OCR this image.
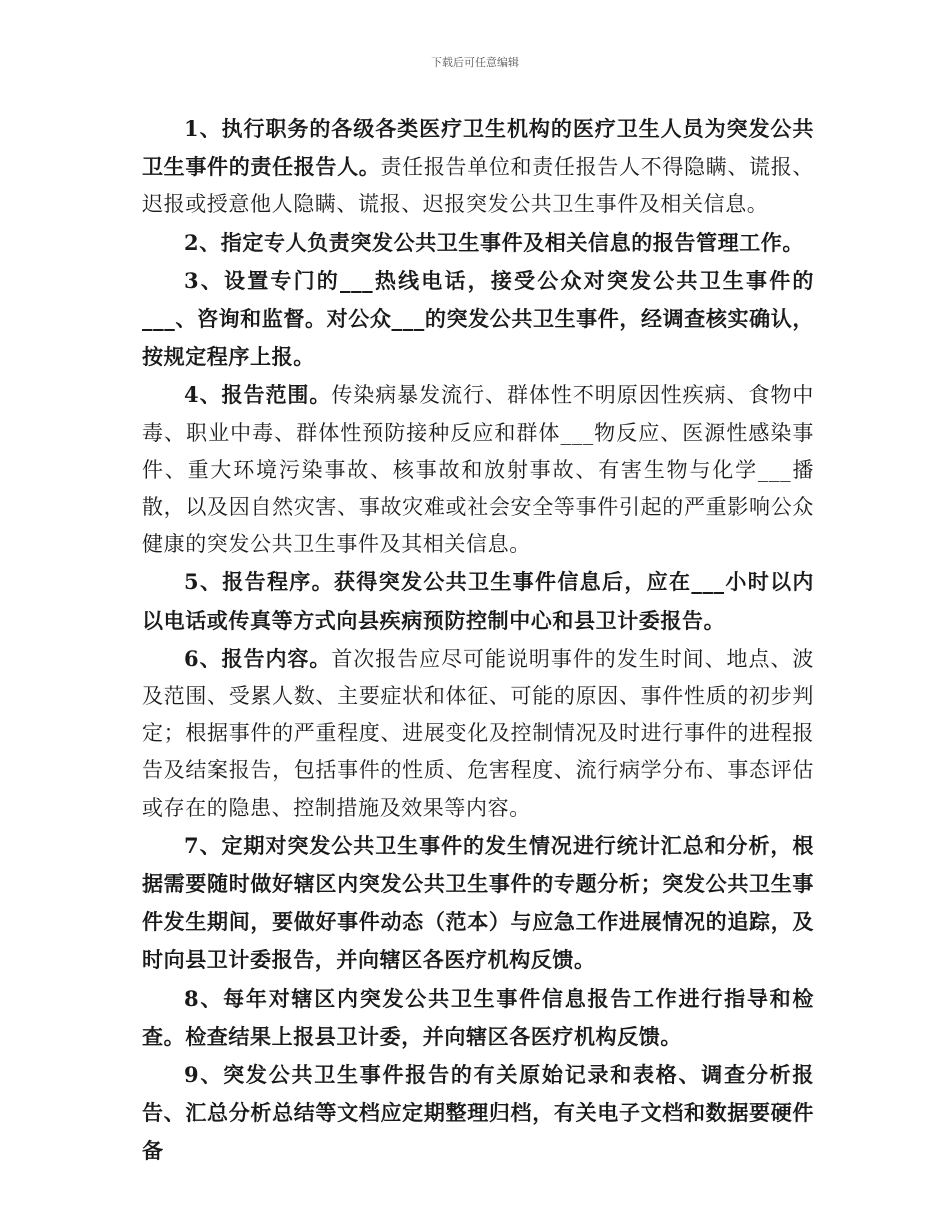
下载后可任意编辑

1、执行职务的各级各类医疗卫生机构的医疗卫生人员为突发公共卫生事件的责任报告人。责任报告单位和责任报告人不得隐瞒、谎报、迟报或授意他人隐瞒、谎报、迟报突发公共卫生事件及相关信息。

2、指定专人负责突发公共卫生事件及相关信息的报告管理工作。

3、设置专门的___热线电话，接受公众对突发公共卫生事件的___、咨询和监督。对公众___的突发公共卫生事件，经调查核实确认，按规定程序上报。

4、报告范围。传染病暴发流行、群体性不明原因性疾病、食物中毒、职业中毒、群体性预防接种反应和群体___物反应、医源性感染事件、重大环境污染事故、核事故和放射事故、有害生物与化学___播散，以及因自然灾害、事故灾难或社会安全等事件引起的严重影响公众健康的突发公共卫生事件及其相关信息。

5、报告程序。获得突发公共卫生事件信息后，应在___小时以内以电话或传真等方式向县疾病预防控制中心和县卫计委报告。

6、报告内容。首次报告应尽可能说明事件的发生时间、地点、波及范围、受累人数、主要症状和体征、可能的原因、事件性质的初步判定；根据事件的严重程度、进展变化及控制情况及时进行事件的进程报告及结案报告，包括事件的性质、危害程度、流行病学分布、事态评估或存在的隐患、控制措施及效果等内容。

7、定期对突发公共卫生事件的发生情况进行统计汇总和分析，根据需要随时做好辖区内突发公共卫生事件的专题分析；突发公共卫生事件发生期间，要做好事件动态（范本）与应急工作进展情况的追踪，及时向县卫计委报告，并向辖区各医疗机构反馈。

8、每年对辖区内突发公共卫生事件信息报告工作进行指导和检查。检查结果上报县卫计委，并向辖区各医疗机构反馈。

9、突发公共卫生事件报告的有关原始记录和表格、调查分析报告、汇总分析总结等文档应定期整理归档，有关电子文档和数据要硬件备
